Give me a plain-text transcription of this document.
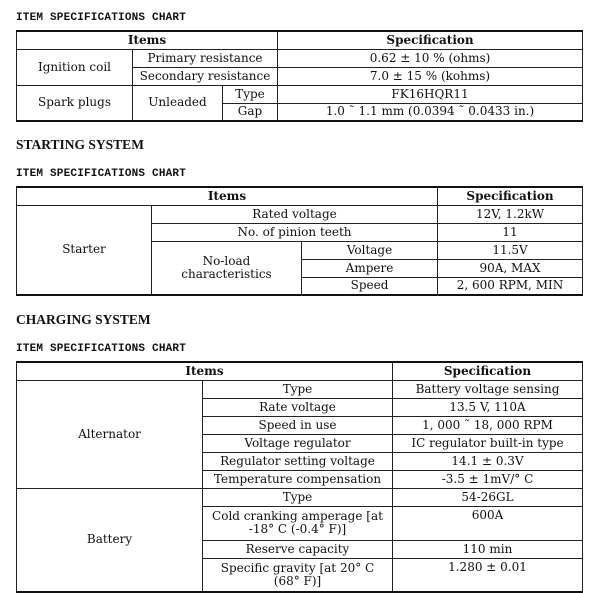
ITEM SPECIFICATIONS CHART
Items			Specification
Ignition coil	Primary resistance		0.62 ± 10 % (ohms)
	Secondary resistance		7.0 ± 15 % (kohms)
Spark plugs	Unleaded	Type	FK16HQR11
		Gap	1.0 ˜ 1.1 mm (0.0394 ˜ 0.0433 in.)
STARTING SYSTEM
ITEM SPECIFICATIONS CHART
Items			Specification
Starter	Rated voltage		12V, 1.2kW
	No. of pinion teeth		11
	No-load characteristics	Voltage	11.5V
		Ampere	90A, MAX
		Speed	2, 600 RPM, MIN
CHARGING SYSTEM
ITEM SPECIFICATIONS CHART
Items		Specification
Alternator	Type	Battery voltage sensing
	Rate voltage	13.5 V, 110A
	Speed in use	1, 000 ˜ 18, 000 RPM
	Voltage regulator	IC regulator built-in type
	Regulator setting voltage	14.1 ± 0.3V
	Temperature compensation	-3.5 ± 1mV/° C
Battery	Type	54-26GL
	Cold cranking amperage [at -18° C (-0.4° F)]	600A
	Reserve capacity	110 min
	Specific gravity [at 20° C (68° F)]	1.280 ± 0.01
